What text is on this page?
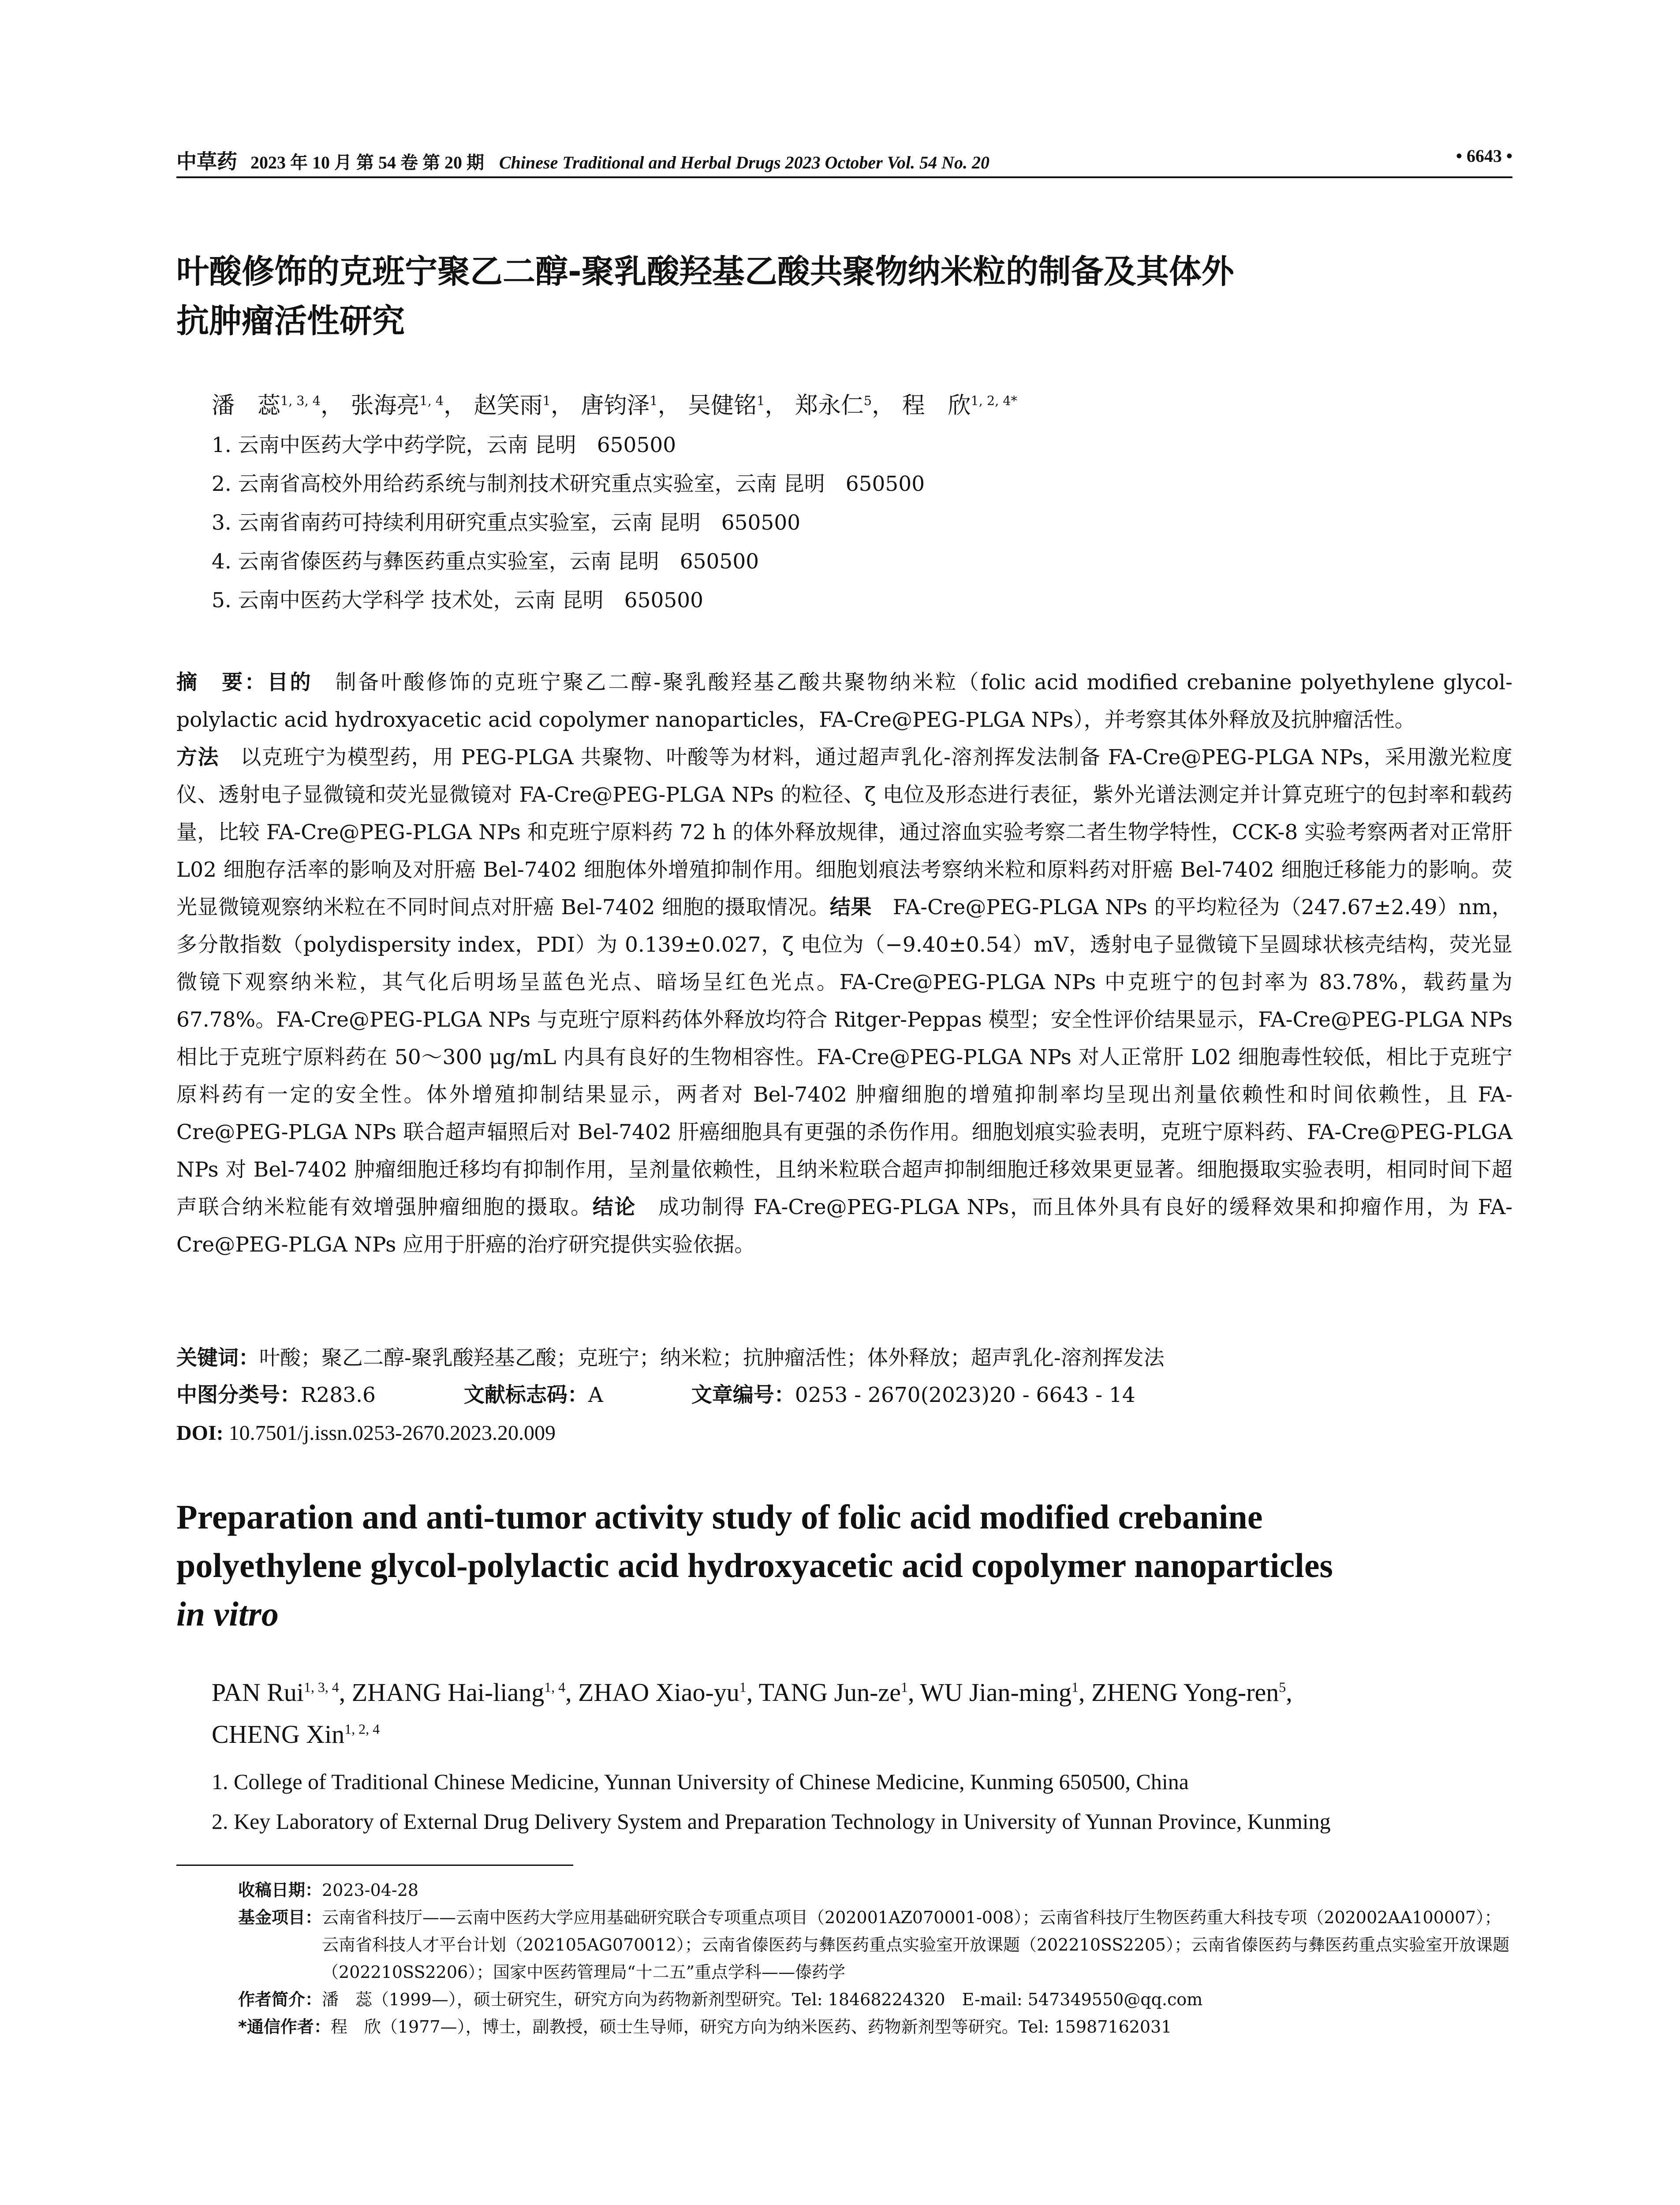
中草药 2023 年 10 月 第 54 卷 第 20 期 Chinese Traditional and Herbal Drugs 2023 October Vol. 54 No. 20	• 6643 •
叶酸修饰的克班宁聚乙二醇-聚乳酸羟基乙酸共聚物纳米粒的制备及其体外
抗肿瘤活性研究
潘　蕊$^{1, 3, 4}$， 张海亮$^{1, 4}$， 赵笑雨$^1$， 唐钧泽$^1$， 吴健铭$^1$， 郑永仁$^5$， 程　欣$^{1, 2, 4*}$
1. 云南中医药大学中药学院，云南 昆明　650500
2. 云南省高校外用给药系统与制剂技术研究重点实验室，云南 昆明　650500
3. 云南省南药可持续利用研究重点实验室，云南 昆明　650500
4. 云南省傣医药与彝医药重点实验室，云南 昆明　650500
5. 云南中医药大学科学 技术处，云南 昆明　650500
摘　要：目的　 制备叶酸修饰的克班宁聚乙二醇-聚乳酸羟基乙酸共聚物纳米粒（folic acid modified crebanine polyethylene glycol-polylactic acid hydroxyacetic acid copolymer nanoparticles，FA-Cre@PEG-PLGA NPs），并考察其体外释放及抗肿瘤活性。
方法　 以克班宁为模型药，用 PEG-PLGA 共聚物、叶酸等为材料，通过超声乳化-溶剂挥发法制备 FA-Cre@PEG-PLGA NPs，采用激光粒度仪、透射电子显微镜和荧光显微镜对 FA-Cre@PEG-PLGA NPs 的粒径、ζ 电位及形态进行表征，紫外光谱法测定并计算克班宁的包封率和载药量，比较 FA-Cre@PEG-PLGA NPs 和克班宁原料药 72 h 的体外释放规律，通过溶血实验考察二者生物学特性，CCK-8 实验考察两者对正常肝 L02 细胞存活率的影响及对肝癌 Bel-7402 细胞体外增殖抑制作用。细胞划痕法考察纳米粒和原料药对肝癌 Bel-7402 细胞迁移能力的影响。荧光显微镜观察纳米粒在不同时间点对肝癌 Bel-7402 细胞的摄取情况。结果　 FA-Cre@PEG-PLGA NPs 的平均粒径为（247.67±2.49）nm，多分散指数（polydispersity index，PDI）为 0.139±0.027，ζ 电位为（−9.40±0.54）mV，透射电子显微镜下呈圆球状核壳结构，荧光显微镜下观察纳米粒，其气化后明场呈蓝色光点、暗场呈红色光点。FA-Cre@PEG-PLGA NPs 中克班宁的包封率为 83.78%，载药量为 67.78%。FA-Cre@PEG-PLGA NPs 与克班宁原料药体外释放均符合 Ritger-Peppas 模型；安全性评价结果显示，FA-Cre@PEG-PLGA NPs 相比于克班宁原料药在 50～300 μg/mL 内具有良好的生物相容性。FA-Cre@PEG-PLGA NPs 对人正常肝 L02 细胞毒性较低，相比于克班宁原料药有一定的安全性。体外增殖抑制结果显示，两者对 Bel-7402 肿瘤细胞的增殖抑制率均呈现出剂量依赖性和时间依赖性，且 FA-Cre@PEG-PLGA NPs 联合超声辐照后对 Bel-7402 肝癌细胞具有更强的杀伤作用。细胞划痕实验表明，克班宁原料药、FA-Cre@PEG-PLGA NPs 对 Bel-7402 肿瘤细胞迁移均有抑制作用，呈剂量依赖性，且纳米粒联合超声抑制细胞迁移效果更显著。细胞摄取实验表明，相同时间下超声联合纳米粒能有效增强肿瘤细胞的摄取。结论　 成功制得 FA-Cre@PEG-PLGA NPs，而且体外具有良好的缓释效果和抑瘤作用，为 FA-Cre@PEG-PLGA NPs 应用于肝癌的治疗研究提供实验依据。
关键词：叶酸；聚乙二醇-聚乳酸羟基乙酸；克班宁；纳米粒；抗肿瘤活性；体外释放；超声乳化-溶剂挥发法
中图分类号：R283.6	文献标志码：A	文章编号：0253 - 2670(2023)20 - 6643 - 14
DOI: 10.7501/j.issn.0253-2670.2023.20.009
Preparation and anti-tumor activity study of folic acid modified crebanine
polyethylene glycol-polylactic acid hydroxyacetic acid copolymer nanoparticles
in vitro
PAN Rui$^{1, 3, 4}$, ZHANG Hai-liang$^{1, 4}$, ZHAO Xiao-$yu^1$, TANG Jun-$ze^1$, WU Jian-ming$^1$, ZHENG Yong-ren$^5$,
CHENG Xin$^{1, 2, 4}$
1. College of Traditional Chinese Medicine, Yunnan University of Chinese Medicine, Kunming 650500, China
2. Key Laboratory of External Drug Delivery System and Preparation Technology in University of Yunnan Province, Kunming
收稿日期： 2023-04-28
基金项目： 云南省科技厅——云南中医药大学应用基础研究联合专项重点项目（202001AZ070001-008）；云南省科技厅生物医药重大科技专项（202002AA100007）；云南省科技人才平台计划（202105AG070012）；云南省傣医药与彝医药重点实验室开放课题（202210SS2205）；云南省傣医药与彝医药重点实验室开放课题（202210SS2206）；国家中医药管理局“十二五”重点学科——傣药学
作者简介： 潘　蕊（1999—），硕士研究生，研究方向为药物新剂型研究。Tel: 18468224320　E-mail: 547349550@qq.com
*通信作者： 程　欣（1977—），博士，副教授，硕士生导师，研究方向为纳米医药、药物新剂型等研究。Tel: 15987162031
